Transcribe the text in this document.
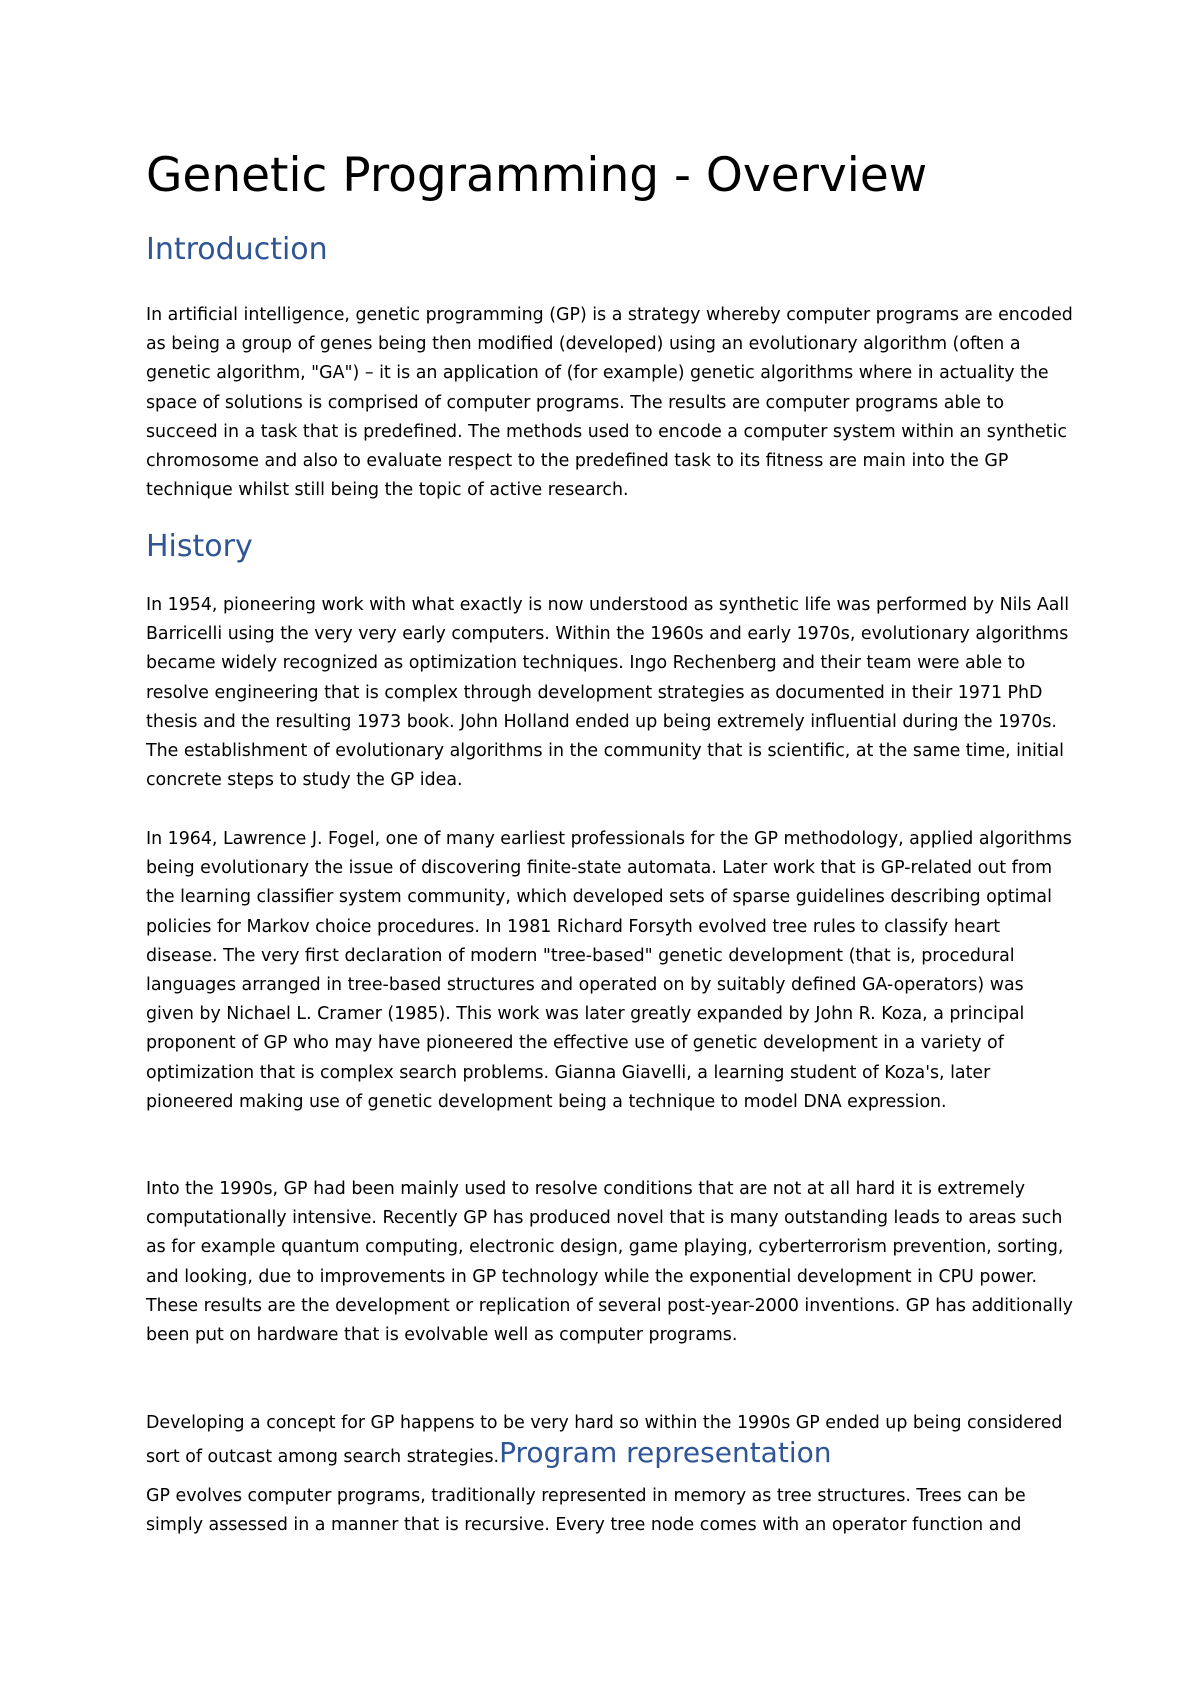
Genetic Programming - Overview
Introduction

In artificial intelligence, genetic programming (GP) is a strategy whereby computer programs are encoded as being a group of genes being then modified (developed) using an evolutionary algorithm (often a genetic algorithm, "GA") – it is an application of (for example) genetic algorithms where in actuality the space of solutions is comprised of computer programs. The results are computer programs able to succeed in a task that is predefined. The methods used to encode a computer system within an synthetic chromosome and also to evaluate respect to the predefined task to its fitness are main into the GP technique whilst still being the topic of active research.

History

In 1954, pioneering work with what exactly is now understood as synthetic life was performed by Nils Aall Barricelli using the very very early computers. Within the 1960s and early 1970s, evolutionary algorithms became widely recognized as optimization techniques. Ingo Rechenberg and their team were able to resolve engineering that is complex through development strategies as documented in their 1971 PhD thesis and the resulting 1973 book. John Holland ended up being extremely influential during the 1970s. The establishment of evolutionary algorithms in the community that is scientific, at the same time, initial concrete steps to study the GP idea.

In 1964, Lawrence J. Fogel, one of many earliest professionals for the GP methodology, applied algorithms being evolutionary the issue of discovering finite-state automata. Later work that is GP-related out from the learning classifier system community, which developed sets of sparse guidelines describing optimal policies for Markov choice procedures. In 1981 Richard Forsyth evolved tree rules to classify heart disease. The very first declaration of modern "tree-based" genetic development (that is, procedural languages arranged in tree-based structures and operated on by suitably defined GA-operators) was given by Nichael L. Cramer (1985). This work was later greatly expanded by John R. Koza, a principal proponent of GP who may have pioneered the effective use of genetic development in a variety of optimization that is complex search problems. Gianna Giavelli, a learning student of Koza's, later pioneered making use of genetic development being a technique to model DNA expression.

Into the 1990s, GP had been mainly used to resolve conditions that are not at all hard it is extremely computationally intensive. Recently GP has produced novel that is many outstanding leads to areas such as for example quantum computing, electronic design, game playing, cyberterrorism prevention, sorting, and looking, due to improvements in GP technology while the exponential development in CPU power. These results are the development or replication of several post-year-2000 inventions. GP has additionally been put on hardware that is evolvable well as computer programs.

Developing a concept for GP happens to be very hard so within the 1990s GP ended up being considered sort of outcast among search strategies.Program representation

GP evolves computer programs, traditionally represented in memory as tree structures. Trees can be simply assessed in a manner that is recursive. Every tree node comes with an operator function and
